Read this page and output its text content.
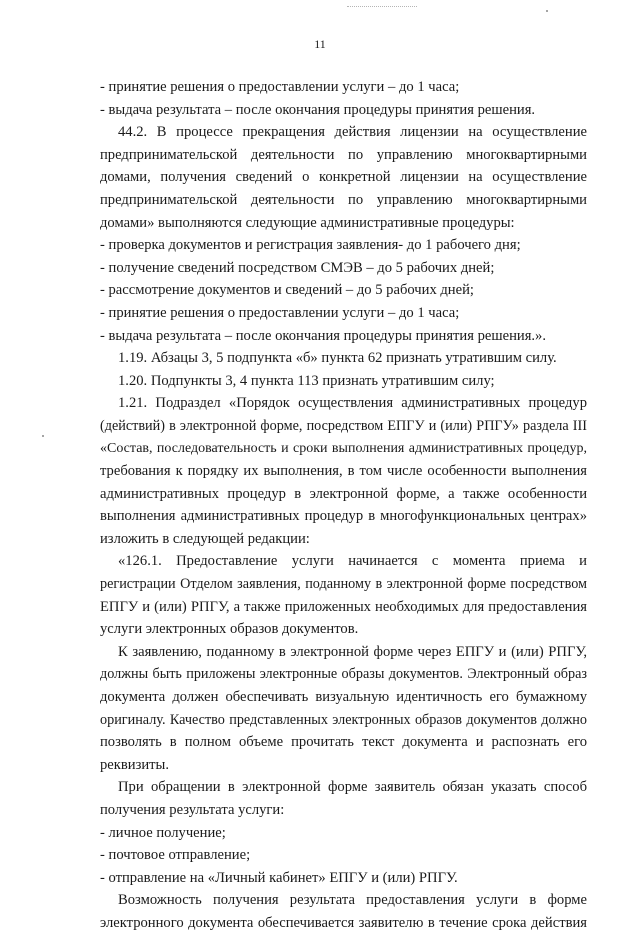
11
- принятие решения о предоставлении услуги – до 1 часа;
- выдача результата – после окончания процедуры принятия решения.
44.2. В процессе прекращения действия лицензии на осуществление
предпринимательской деятельности по управлению многоквартирными
домами, получения сведений о конкретной лицензии на осуществление
предпринимательской деятельности по управлению многоквартирными
домами» выполняются следующие административные процедуры:
- проверка документов и регистрация заявления- до 1 рабочего дня;
- получение сведений посредством СМЭВ – до 5 рабочих дней;
- рассмотрение документов и сведений – до 5 рабочих дней;
- принятие решения о предоставлении услуги – до 1 часа;
- выдача результата – после окончания процедуры принятия решения.».
1.19. Абзацы 3, 5 подпункта «б» пункта 62 признать утратившим силу.
1.20. Подпункты 3, 4 пункта 113 признать утратившим силу;
1.21. Подраздел «Порядок осуществления административных процедур
(действий) в электронной форме, посредством ЕПГУ и (или) РПГУ» раздела III
«Состав, последовательность и сроки выполнения административных процедур,
требования к порядку их выполнения, в том числе особенности выполнения
административных процедур в электронной форме, а также особенности
выполнения административных процедур в многофункциональных центрах»
изложить в следующей редакции:
«126.1. Предоставление услуги начинается с момента приема и
регистрации Отделом заявления, поданному в электронной форме посредством
ЕПГУ и (или) РПГУ, а также приложенных необходимых для предоставления
услуги электронных образов документов.
К заявлению, поданному в электронной форме через ЕПГУ и (или) РПГУ,
должны быть приложены электронные образы документов. Электронный образ
документа должен обеспечивать визуальную идентичность его бумажному
оригиналу. Качество представленных электронных образов документов должно
позволять в полном объеме прочитать текст документа и распознать его
реквизиты.
При обращении в электронной форме заявитель обязан указать способ
получения результата услуги:
- личное получение;
- почтовое отправление;
- отправление на «Личный кабинет» ЕПГУ и (или) РПГУ.
Возможность получения результата предоставления услуги в форме
электронного документа обеспечивается заявителю в течение срока действия
